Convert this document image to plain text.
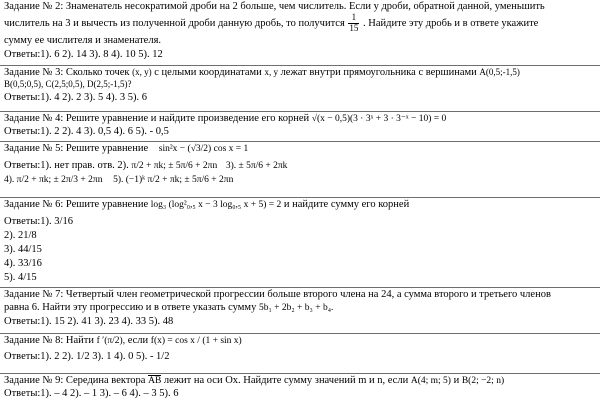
Задание № 2: Знаменатель несократимой дроби на 2 больше, чем числитель. Если у дроби, обратной данной, уменьшить
числитель на 3 и вычесть из полученной дроби данную дробь, то получится $\frac{1}{15}$ . Найдите эту дробь и в ответе укажите
сумму ее числителя и знаменателя.
Ответы:1). 6 2). 14 3). 8 4). 10 5). 12
Задание № 3: Сколько точек (x, y) с целыми координатами x, y лежат внутри прямоугольника с вершинами A(0,5;-1,5)
B(0,5;0,5), C(2,5;0,5), D(2,5;-1,5)?
Ответы:1). 4 2). 2 3). 5 4). 3 5). 6
Задание № 4: Решите уравнение и найдите произведение его корней √(x − 0,5)(3 · 3ˣ + 3 · 3⁻ˣ − 10) = 0
Ответы:1). 2 2). 4 3). 0,5 4). 6 5). - 0,5
Задание № 5: Решите уравнение sin²x − (√3/2) cos x = 1
Ответы:1). нет прав. отв. 2). π/2 + πk; ± 5π/6 + 2πn 3). ± 5π/6 + 2πk
4). π/2 + πk; ± 2π/3 + 2πn 5). (−1)ᵏ π/2 + πk; ± 5π/6 + 2πn
Задание № 6: Решите уравнение log₃ (log²₀,₅ x − 3 log₀,₅ x + 5) = 2 и найдите сумму его корней
Ответы:1). 3/16
2). 21/8
3). 44/15
4). 33/16
5). 4/15
Задание № 7: Четвертый член геометрической прогрессии больше второго члена на 24, а сумма второго и третьего членов
равна 6. Найти эту прогрессию и в ответе указать сумму 5b₁ + 2b₂ + b₃ + b₄.
Ответы:1). 15 2). 41 3). 23 4). 33 5). 48
Задание № 8: Найти f ′(π/2), если f(x) = cos x / (1 + sin x)
Ответы:1). 2 2). 1/2 3). 1 4). 0 5). - 1/2
Задание № 9: Середина вектора AB лежит на оси Ox. Найдите сумму значений m и n, если A(4; m; 5) и B(2; −2; n)
Ответы:1). – 4 2). – 1 3). – 6 4). – 3 5). 6
